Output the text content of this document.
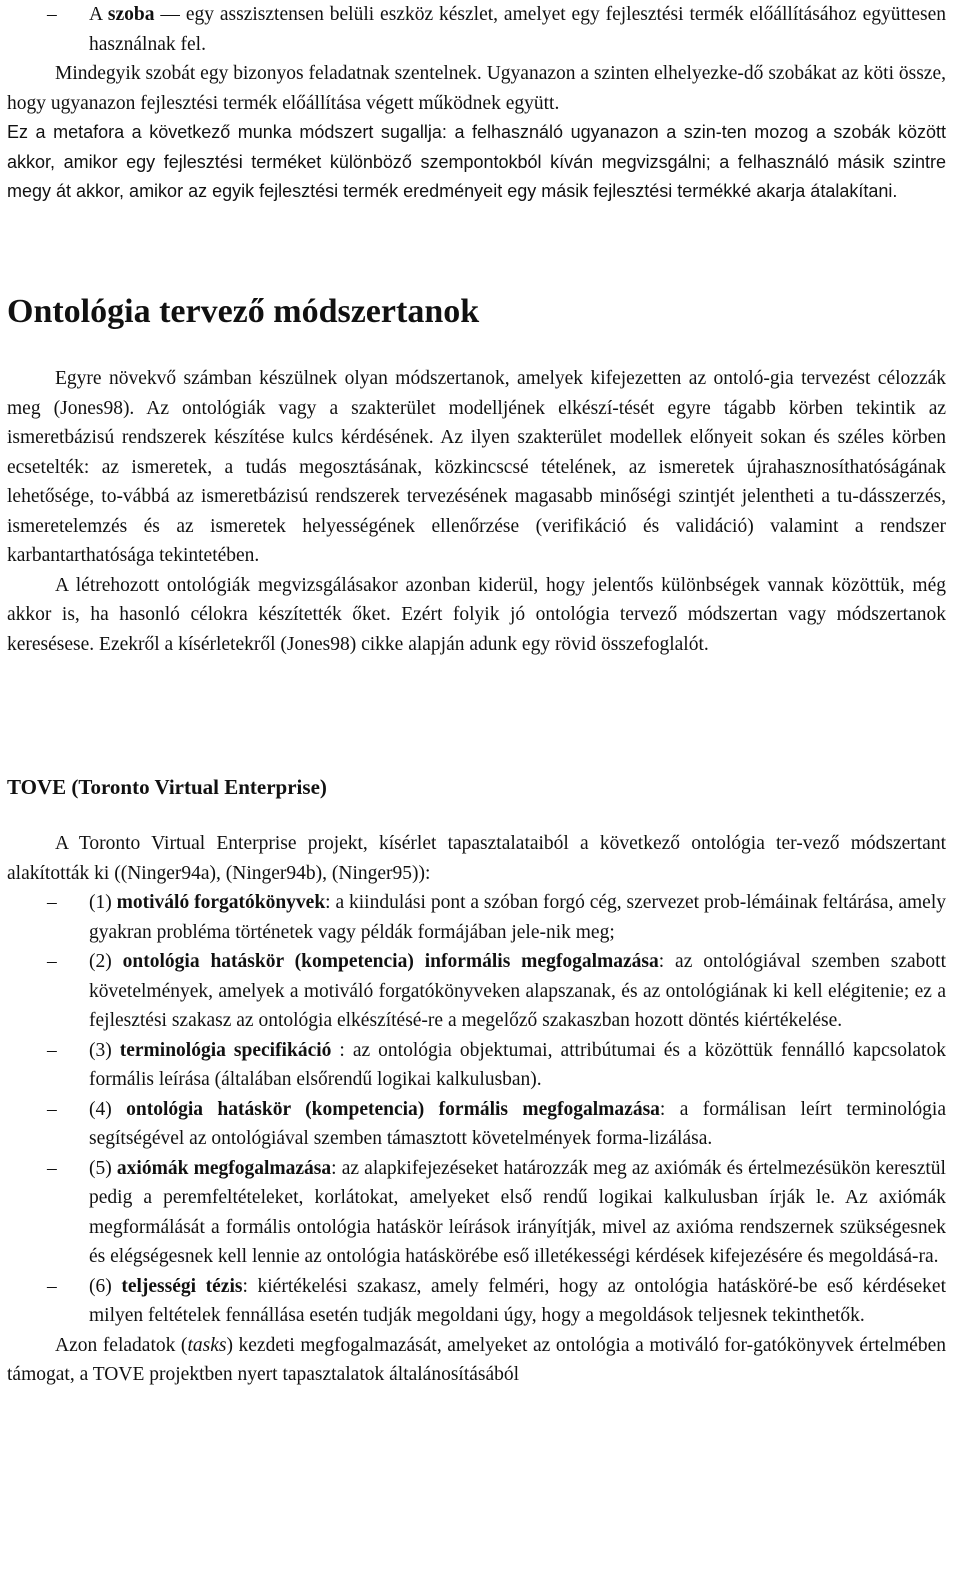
– A szoba — egy asszisztensen belüli eszköz készlet, amelyet egy fejlesztési termék előállításához együttesen használnak fel.

Mindegyik szobát egy bizonyos feladatnak szentelnek. Ugyanazon a szinten elhelyezke-dő szobákat az köti össze, hogy ugyanazon fejlesztési termék előállítása végett működnek együtt.

Ez a metafora a következő munka módszert sugallja: a felhasználó ugyanazon a szin-ten mozog a szobák között akkor, amikor egy fejlesztési terméket különböző szempontokból kíván megvizsgálni; a felhasználó másik szintre megy át akkor, amikor az egyik fejlesztési termék eredményeit egy másik fejlesztési termékké akarja átalakítani.

Ontológia tervező módszertanok

Egyre növekvő számban készülnek olyan módszertanok, amelyek kifejezetten az ontoló-gia tervezést célozzák meg (Jones98). Az ontológiák vagy a szakterület modelljének elkészí-tését egyre tágabb körben tekintik az ismeretbázisú rendszerek készítése kulcs kérdésének. Az ilyen szakterület modellek előnyeit sokan és széles körben ecsetelték: az ismeretek, a tudás megosztásának, közkincscsé tételének, az ismeretek újrahasznosíthatóságának lehetősége, to-vábbá az ismeretbázisú rendszerek tervezésének magasabb minőségi szintjét jelentheti a tu-dásszerzés, ismeretelemzés és az ismeretek helyességének ellenőrzése (verifikáció és validáció) valamint a rendszer karbantarthatósága tekintetében.

A létrehozott ontológiák megvizsgálásakor azonban kiderül, hogy jelentős különbségek vannak közöttük, még akkor is, ha hasonló célokra készítették őket. Ezért folyik jó ontológia tervező módszertan vagy módszertanok keresésese. Ezekről a kísérletekről (Jones98) cikke alapján adunk egy rövid összefoglalót.

TOVE (Toronto Virtual Enterprise)

A Toronto Virtual Enterprise projekt, kísérlet tapasztalataiból a következő ontológia ter-vező módszertant alakították ki ((Ninger94a), (Ninger94b), (Ninger95)):

– (1) motiváló forgatókönyvek: a kiindulási pont a szóban forgó cég, szervezet prob-lémáinak feltárása, amely gyakran probléma történetek vagy példák formájában jele-nik meg;
– (2) ontológia hatáskör (kompetencia) informális megfogalmazása: az ontológiával szemben szabott követelmények, amelyek a motiváló forgatókönyveken alapszanak, és az ontológiának ki kell elégitenie; ez a fejlesztési szakasz az ontológia elkészítésé-re a megelőző szakaszban hozott döntés kiértékelése.
– (3) terminológia specifikáció : az ontológia objektumai, attribútumai és a közöttük fennálló kapcsolatok formális leírása (általában elsőrendű logikai kalkulusban).
– (4) ontológia hatáskör (kompetencia) formális megfogalmazása: a formálisan leírt terminológia segítségével az ontológiával szemben támasztott követelmények forma-lizálása.
– (5) axiómák megfogalmazása: az alapkifejezéseket határozzák meg az axiómák és értelmezésükön keresztül pedig a peremfeltételeket, korlátokat, amelyeket első rendű logikai kalkulusban írják le. Az axiómák megformálását a formális ontológia hatáskör leírások irányítják, mivel az axióma rendszernek szükségesnek és elégségesnek kell lennie az ontológia hatáskörébe eső illetékességi kérdések kifejezésére és megoldásá-ra.
– (6) teljességi tézis: kiértékelési szakasz, amely felméri, hogy az ontológia hatásköré-be eső kérdéseket milyen feltételek fennállása esetén tudják megoldani úgy, hogy a megoldások teljesnek tekinthetők.

Azon feladatok (tasks) kezdeti megfogalmazását, amelyeket az ontológia a motiváló for-gatókönyvek értelmében támogat, a TOVE projektben nyert tapasztalatok általánosításából
